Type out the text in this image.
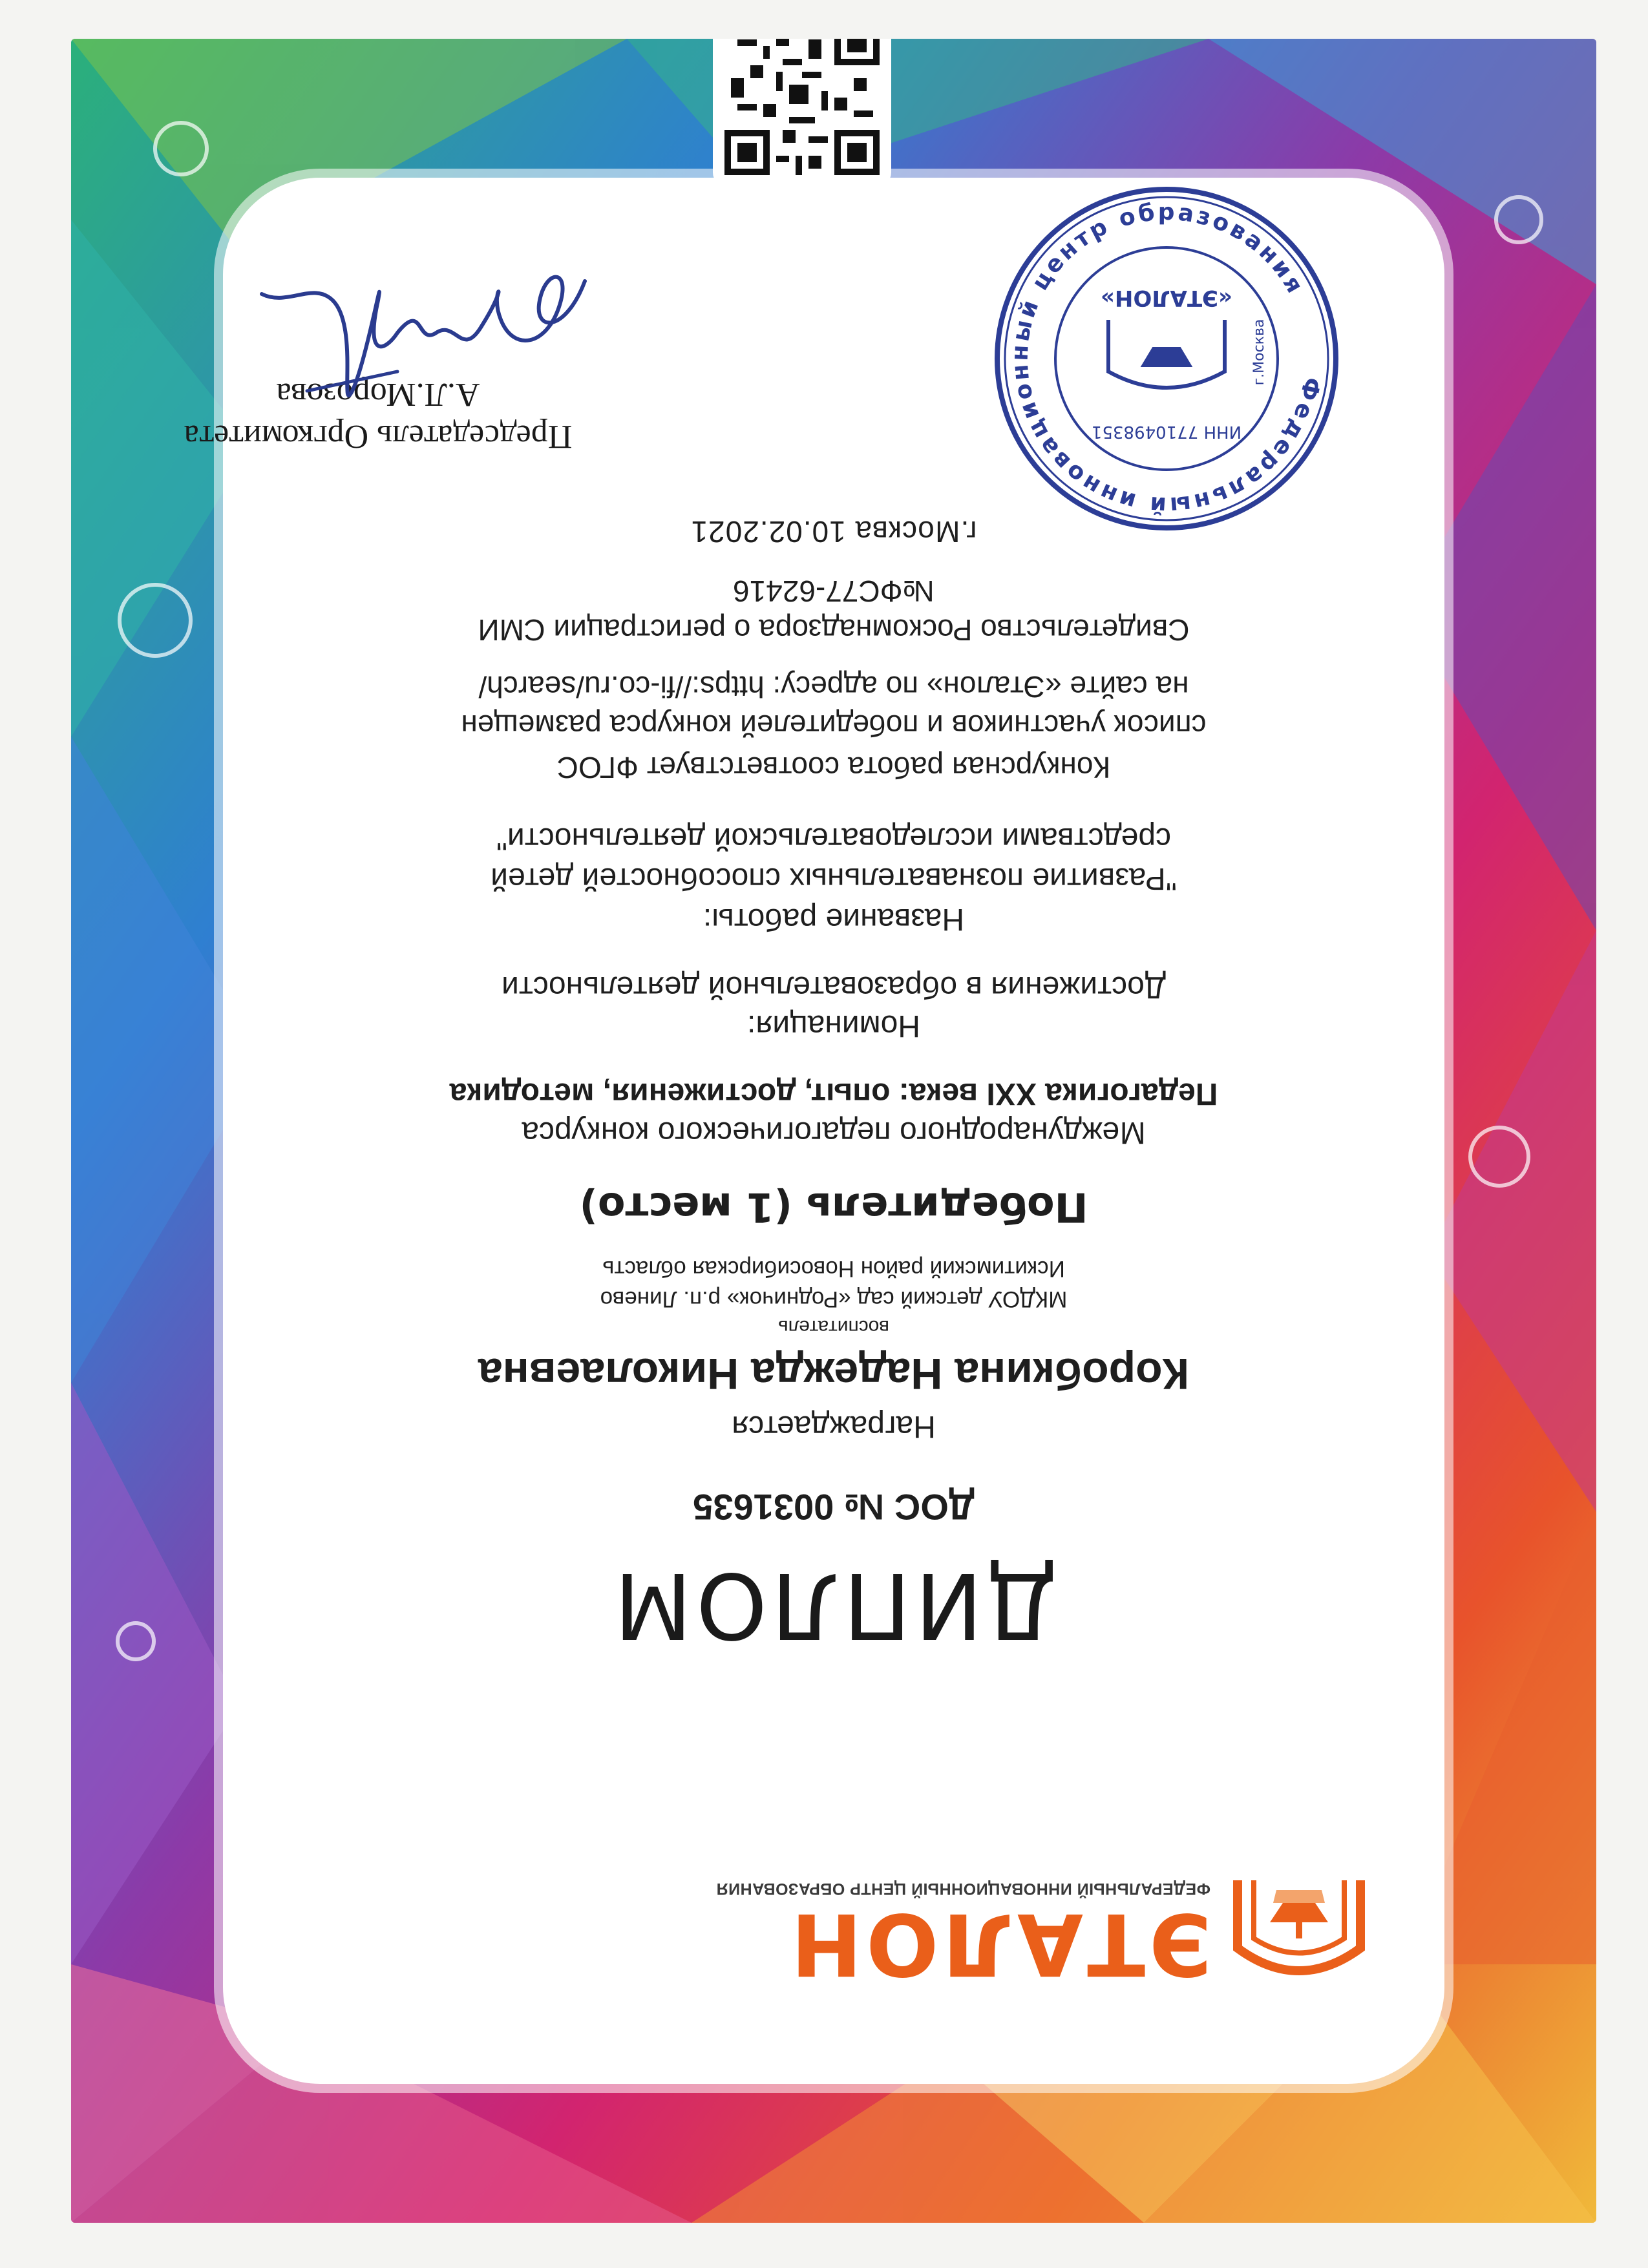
ЭТАЛОН
ФЕДЕРАЛЬНЫЙ ИННОВАЦИОННЫЙ ЦЕНТР ОБРАЗОВАНИЯ
ДИПЛОМ
ДОС № 0031635
Награждается
Коробкина Надежда Николаевна
воспитатель
МКДОУ детский сад «Родничок» р.п. Линево
Искитимский район Новосибирская область
Победитель (1 место)
Международного педагогического конкурса
Педагогика XXI века: опыт, достижения, методика
Номинация:
Достижения в образовательной деятельности
Название работы:
"Развитие познавательных способностей детей
средствами исследовательской деятельности"
Конкурсная работа соответствует ФГОС
список участников и победителей конкурса размещен
на сайте «Эталон» по адресу: https://fi-co.ru/search/
Свидетельство Роскомнадзора о регистрации СМИ
№ФС77-62416
г.Москва 10.02.2021
Председатель Оргкомитета
А.Л.Морозова	Федеральный инновационный центр образования
ИНН 7710498351
«ЭТАЛОН»
г.Москва
